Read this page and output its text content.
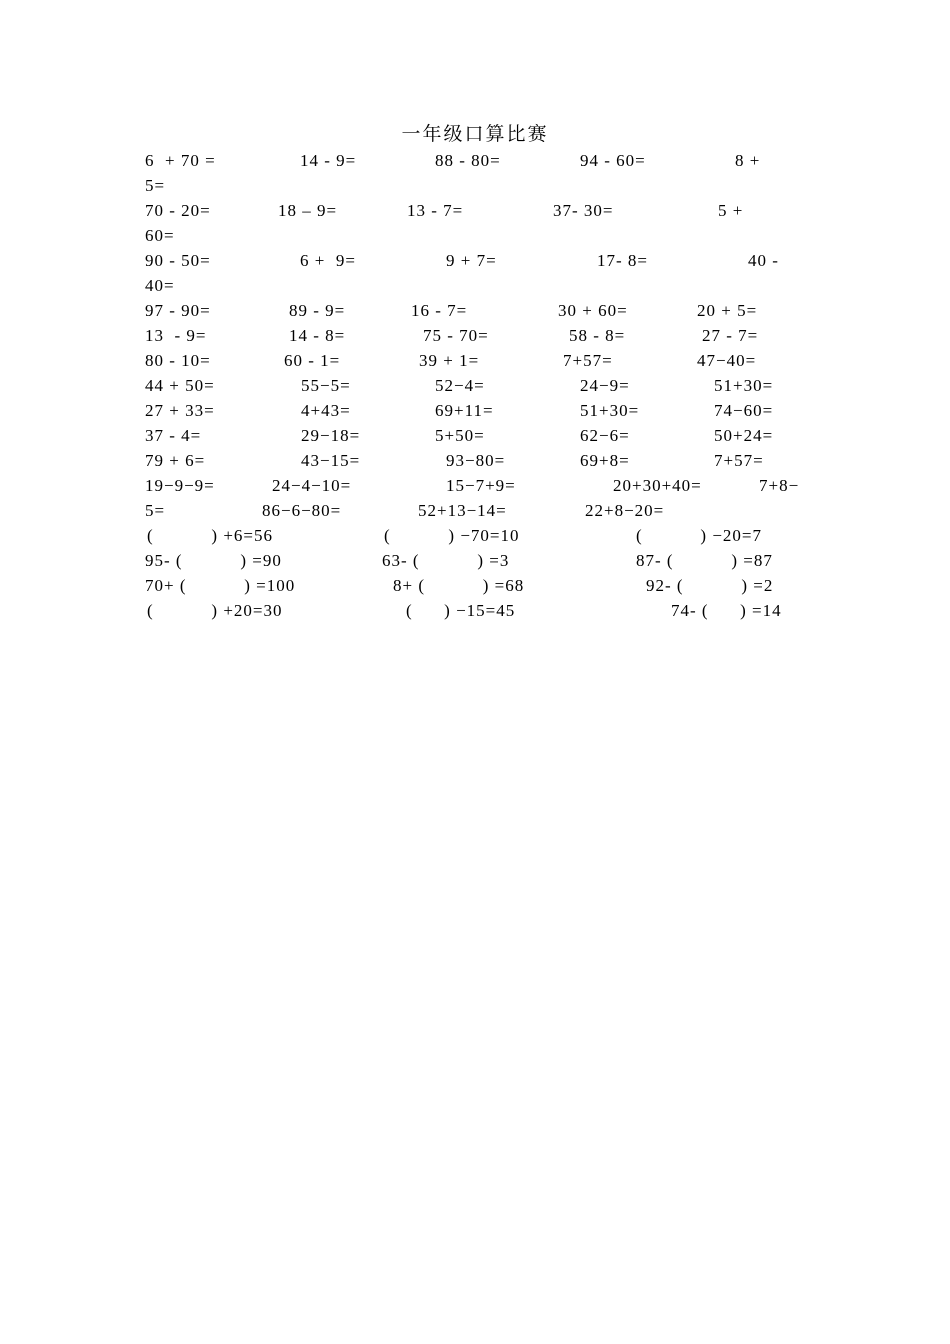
一年级口算比赛
6  + 70 =	14 - 9=	88 - 80=	94 - 60=	8 +
5=
70 - 20=	18 – 9=	13 - 7=	37- 30=	5 +
60=
90 - 50=	6 +  9=	9 + 7=	17- 8=	40 -
40=
97 - 90=	89 - 9=	16 - 7=	30 + 60=	20 + 5=
13  - 9=	14 - 8=	75 - 70=	58 - 8=	27 - 7=
80 - 10=	60 - 1=	39 + 1=	7+57=	47−40=
44 + 50=	55−5=	52−4=	24−9=	51+30=
27 + 33=	4+43=	69+11=	51+30=	74−60=
37 - 4=	29−18=	5+50=	62−6=	50+24=
79 + 6=	43−15=	93−80=	69+8=	7+57=
19−9−9=	24−4−10=	15−7+9=	20+30+40=	7+8−
5=	86−6−80=	52+13−14=	22+8−20=
(           ) +6=56	(           ) −70=10	(           ) −20=7
95- (           ) =90	63- (           ) =3	87- (           ) =87
70+ (           ) =100	8+ (           ) =68	92- (           ) =2
(           ) +20=30	(      ) −15=45	74- (      ) =14
